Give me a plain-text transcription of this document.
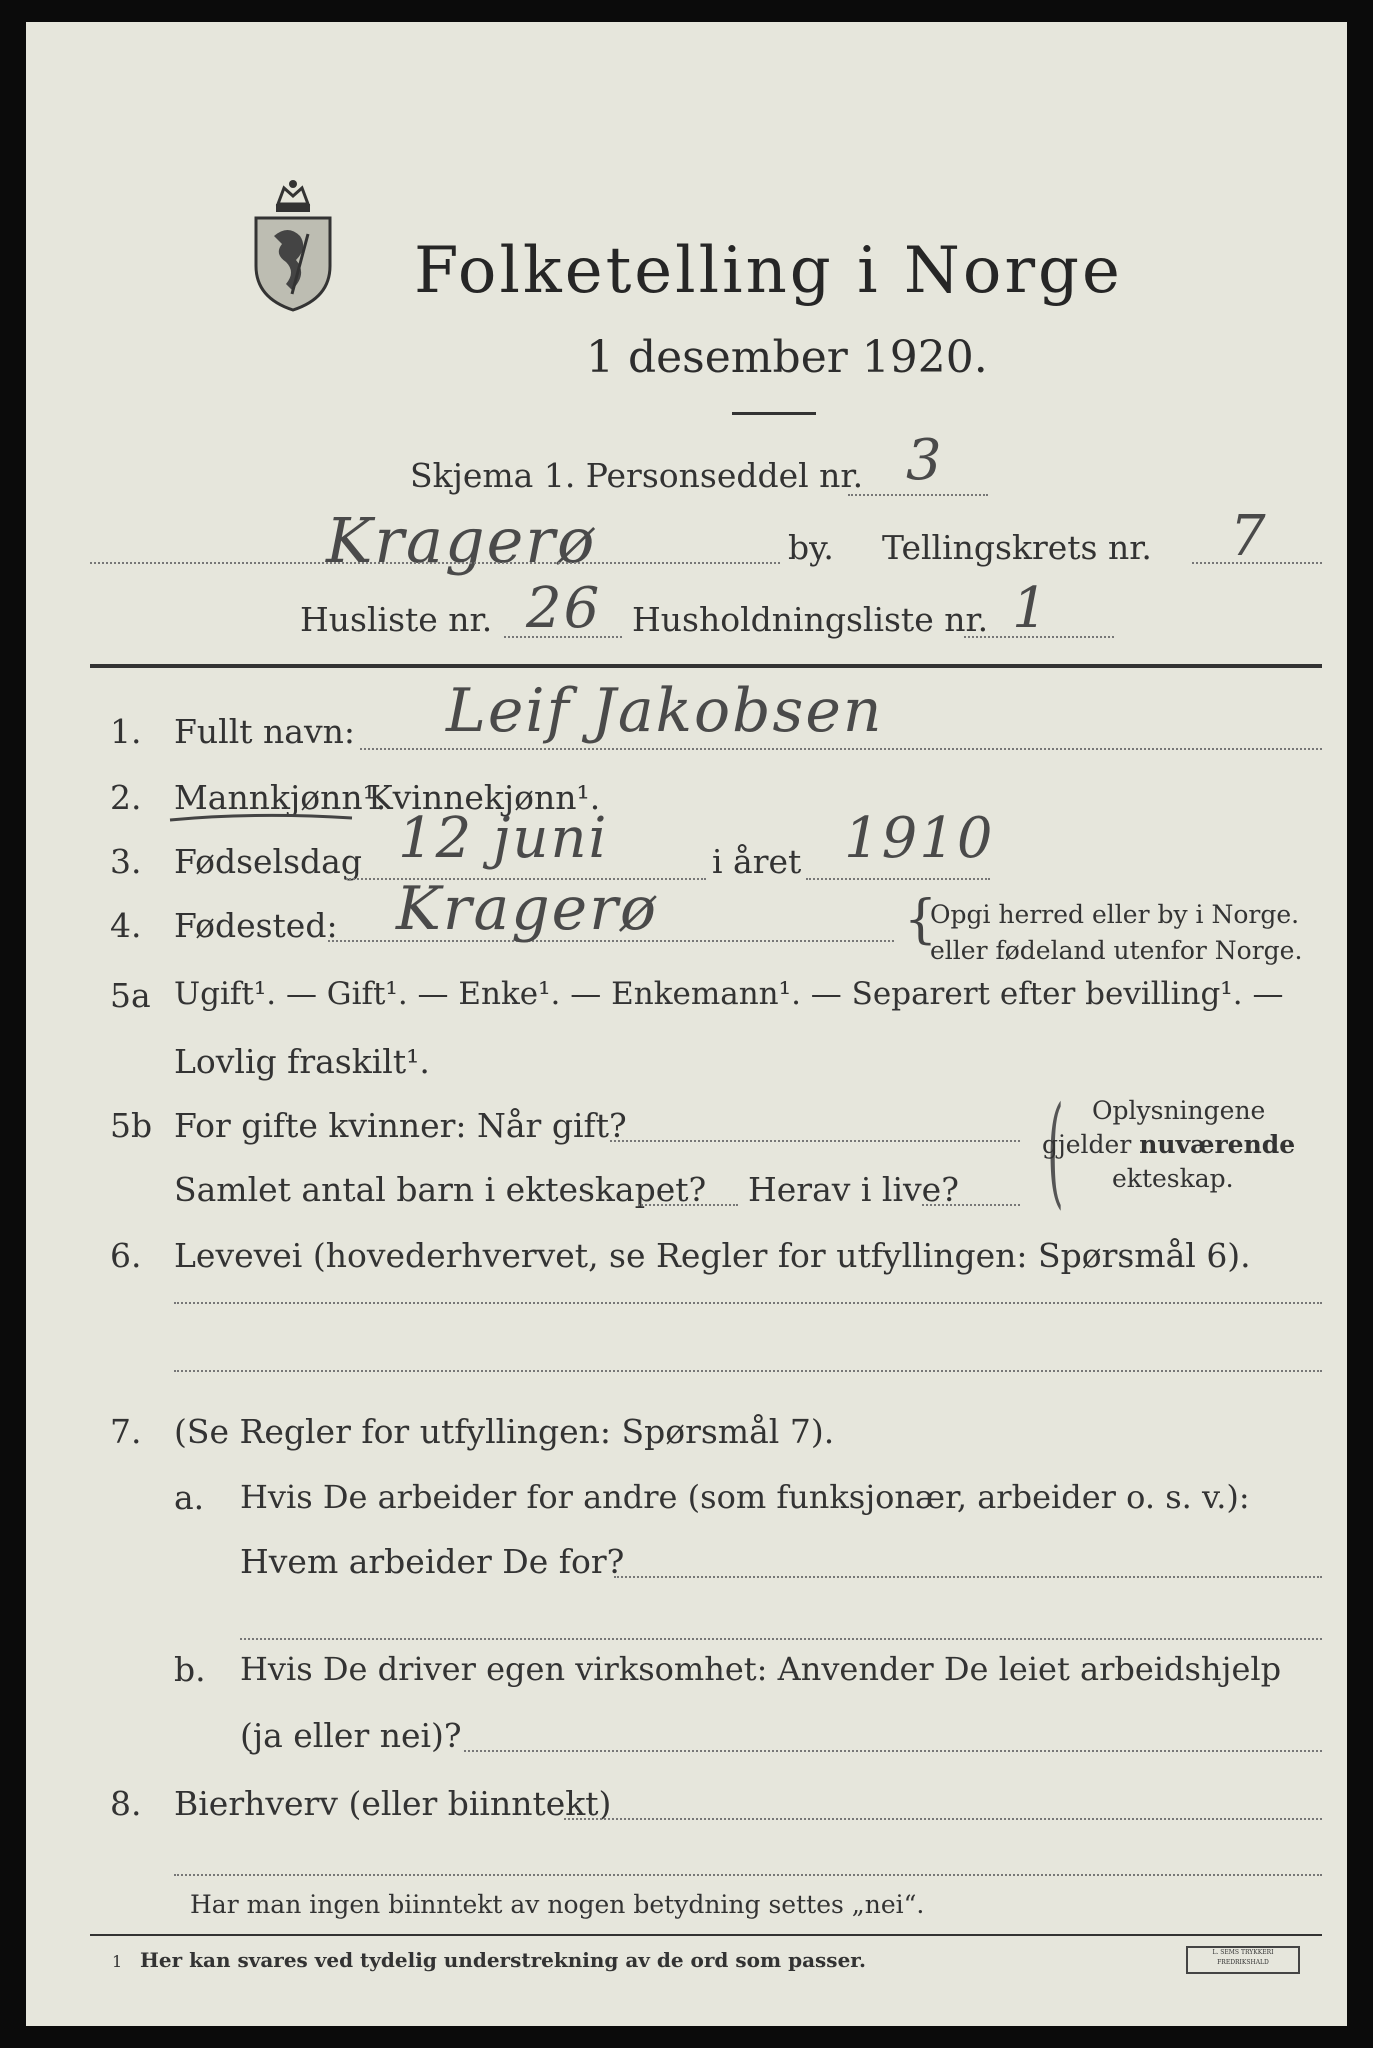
Folketelling i Norge
1 desember 1920.
Skjema 1. Personseddel nr. 3
Kragerø	by. Tellingskrets nr. 7
Husliste nr. 26 Husholdningsliste nr. 1
1. Fullt navn: Leif Jakobsen
2. Mannkjønn¹.
Kvinnekjønn¹.
3. Fødselsdag 12 juni	i året 1910
4. Fødested: Kragerø	{
Opgi herred eller by i Norge.
eller fødeland utenfor Norge.
5a Ugift¹. — Gift¹. — Enke¹. — Enkemann¹. — Separert efter bevilling¹. —
Lovlig fraskilt¹.
5b For gifte kvinner: Når gift?
Samlet antal barn i ekteskapet? Herav i live? ( Oplysningene
gjelder nuværende
ekteskap.
6. Levevei (hovederhvervet, se Regler for utfyllingen: Spørsmål 6).
7. (Se Regler for utfyllingen: Spørsmål 7).
a. Hvis De arbeider for andre (som funksjonær, arbeider o. s. v.):
Hvem arbeider De for?
b. Hvis De driver egen virksomhet: Anvender De leiet arbeidshjelp
(ja eller nei)?
8. Bierhverv (eller biinntekt)
Har man ingen biinntekt av nogen betydning settes „nei“.
1 Her kan svares ved tydelig understrekning av de ord som passer.	L. SEMS TRYKKERI FREDRIKSHALD
